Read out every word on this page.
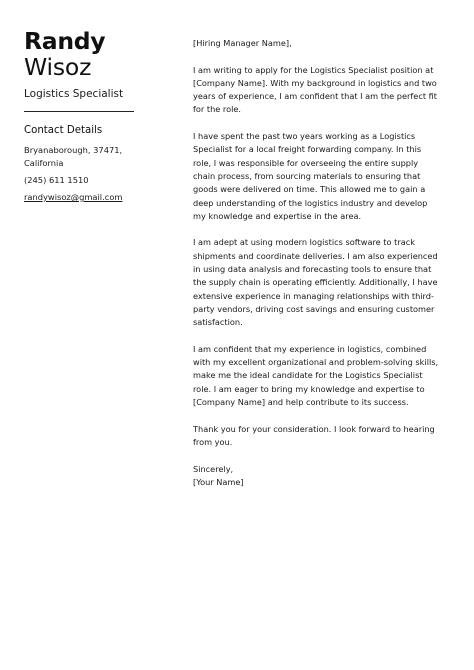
Randy
Wisoz
Logistics Specialist
Contact Details
Bryanaborough, 37471, California
(245) 611 1510
randywisoz@gmail.com

[Hiring Manager Name],

I am writing to apply for the Logistics Specialist position at [Company Name]. With my background in logistics and two years of experience, I am confident that I am the perfect fit for the role.

I have spent the past two years working as a Logistics Specialist for a local freight forwarding company. In this role, I was responsible for overseeing the entire supply chain process, from sourcing materials to ensuring that goods were delivered on time. This allowed me to gain a deep understanding of the logistics industry and develop my knowledge and expertise in the area.

I am adept at using modern logistics software to track shipments and coordinate deliveries. I am also experienced in using data analysis and forecasting tools to ensure that the supply chain is operating efficiently. Additionally, I have extensive experience in managing relationships with third-party vendors, driving cost savings and ensuring customer satisfaction.

I am confident that my experience in logistics, combined with my excellent organizational and problem-solving skills, make me the ideal candidate for the Logistics Specialist role. I am eager to bring my knowledge and expertise to [Company Name] and help contribute to its success.

Thank you for your consideration. I look forward to hearing from you.

Sincerely,

[Your Name]
